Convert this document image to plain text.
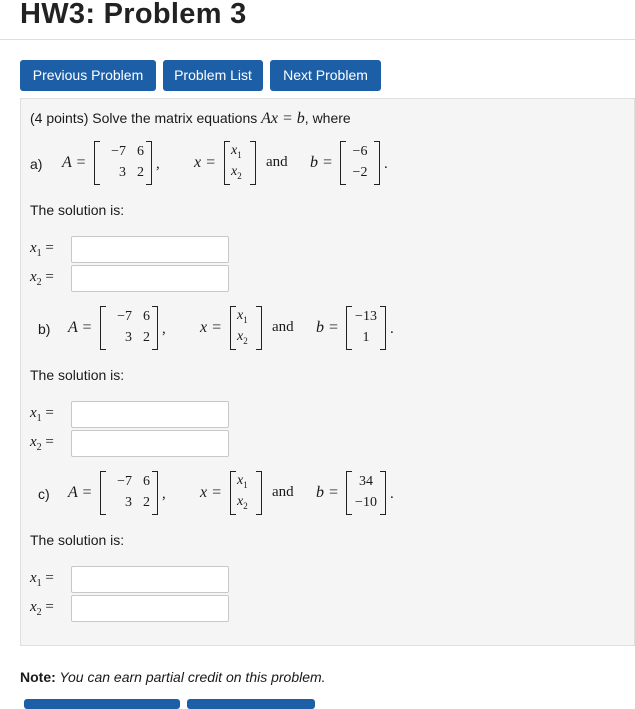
HW3: Problem 3
Previous Problem	Problem List	Next Problem
(4 points) Solve the matrix equations Ax = b, where
a) A =
−7 6
3 2
, x =
$x_1$
$x_2$
and b =
−6
−2
.
The solution is:
$x_1$ =
$x_2$ =
b) A =
−7 6
3 2
, x =
$x_1$
$x_2$
and b =
−13
1
.
The solution is:
$x_1$ =
$x_2$ =
c) A =
−7 6
3 2
, x =
$x_1$
$x_2$
and b =
34
−10
.
The solution is:
$x_1$ =
$x_2$ =
Note: You can earn partial credit on this problem.
